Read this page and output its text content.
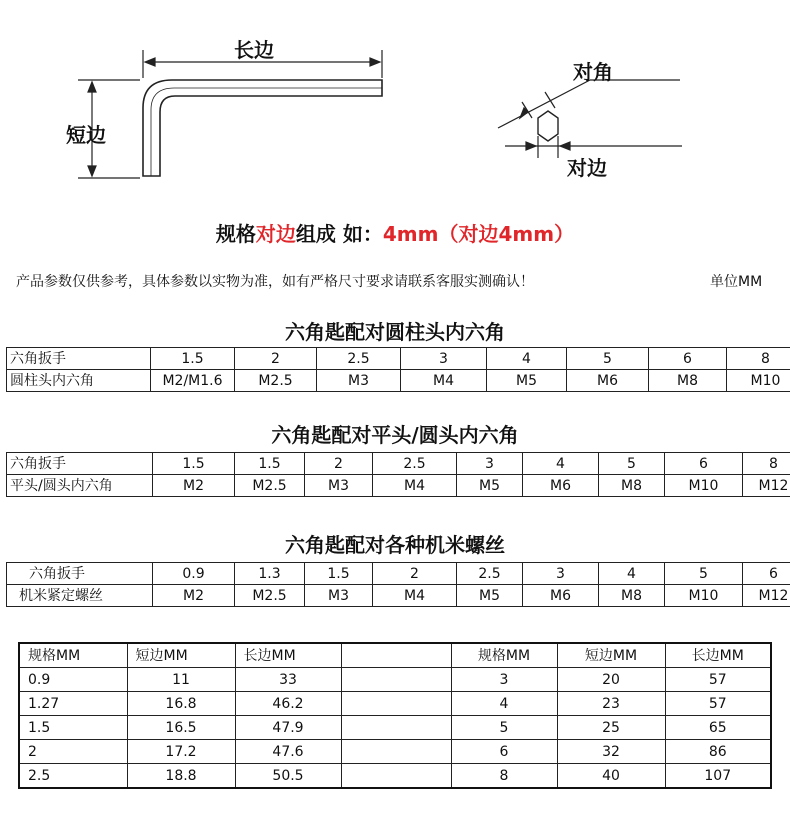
长边
短边
对角
对边
规格对边组成 如：4mm（对边4mm）
产品参数仅供参考，具体参数以实物为准，如有严格尺寸要求请联系客服实测确认！	单位MM
六角匙配对圆柱头内六角
六角扳手	1.5	2	2.5	3	4	5	6	8
圆柱头内六角	M2/M1.6	M2.5	M3	M4	M5	M6	M8	M10
六角匙配对平头/圆头内六角
六角扳手	1.5	1.5	2	2.5	3	4	5	6	8
平头/圆头内六角	M2	M2.5	M3	M4	M5	M6	M8	M10	M12
六角匙配对各种机米螺丝
六角扳手	0.9	1.3	1.5	2	2.5	3	4	5	6
机米紧定螺丝	M2	M2.5	M3	M4	M5	M6	M8	M10	M12
规格MM	短边MM	长边MM		规格MM	短边MM	长边MM
0.9	11	33		3	20	57
1.27	16.8	46.2		4	23	57
1.5	16.5	47.9		5	25	65
2	17.2	47.6		6	32	86
2.5	18.8	50.5		8	40	107
